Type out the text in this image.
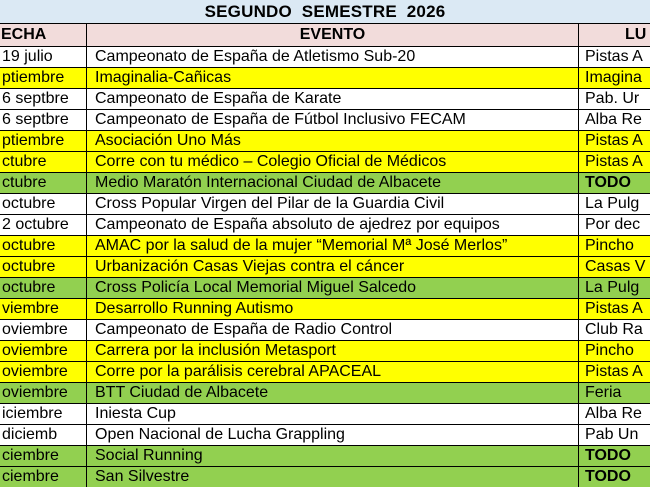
SEGUNDO  SEMESTRE  2026
ECHA	EVENTO	LU
19 julio	Campeonato de España de Atletismo Sub-20	Pistas A
ptiembre	Imaginalia-Cañicas	Imagina
6 septbre	Campeonato de España de Karate	Pab. Ur
6 septbre	Campeonato de España de Fútbol Inclusivo FECAM	Alba Re
ptiembre	Asociación Uno Más	Pistas A
ctubre	Corre con tu médico – Colegio Oficial de Médicos	Pistas A
ctubre	Medio Maratón Internacional Ciudad de Albacete	TODO
octubre	Cross Popular Virgen del Pilar de la Guardia Civil	La Pulg
2 octubre	Campeonato de España absoluto de ajedrez por equipos	Por dec
octubre	AMAC por la salud de la mujer “Memorial Mª José Merlos”	Pincho
octubre	Urbanización Casas Viejas contra el cáncer	Casas V
octubre	Cross Policía Local Memorial Miguel Salcedo	La Pulg
viembre	Desarrollo Running Autismo	Pistas A
oviembre	Campeonato de España de Radio Control	Club Ra
oviembre	Carrera por la inclusión Metasport	Pincho
oviembre	Corre por la parálisis cerebral APACEAL	Pistas A
oviembre	BTT Ciudad de Albacete	Feria
iciembre	Iniesta Cup	Alba Re
diciemb	Open Nacional de Lucha Grappling	Pab Un
ciembre	Social Running	TODO
ciembre	San Silvestre	TODO
